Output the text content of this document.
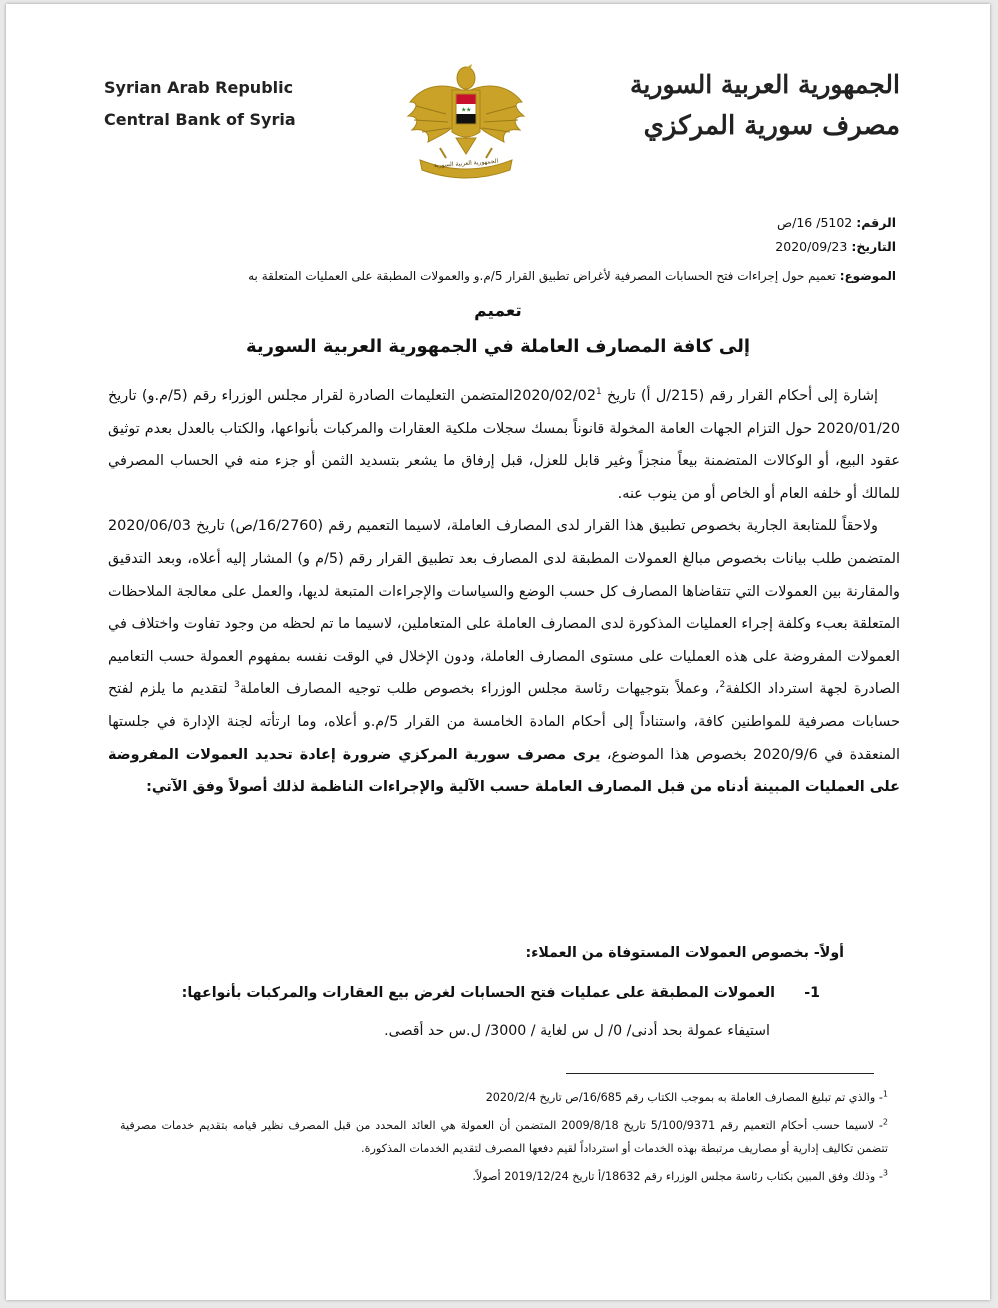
Syrian Arab Republic
Central Bank of Syria	★ ★
الجمهورية العربية السورية
الجمهورية العربية السورية
مصرف سورية المركزي
الرقم: 5102/ 16/ص
التاريخ: 2020/09/23
الموضوع: تعميم حول إجراءات فتح الحسابات المصرفية لأغراض تطبيق القرار 5/م.و والعمولات المطبقة على العمليات المتعلقة به
تعميم
إلى كافة المصارف العاملة في الجمهورية العربية السورية

إشارة إلى أحكام القرار رقم (215/ل أ) تاريخ $2020/02/02^1المتضمن$ التعليمات الصادرة لقرار مجلس الوزراء رقم (5/م.و) تاريخ 2020/01/20 حول التزام الجهات العامة المخولة قانوناً بمسك سجلات ملكية العقارات والمركبات بأنواعها، والكتاب بالعدل بعدم توثيق عقود البيع، أو الوكالات المتضمنة بيعاً منجزاً وغير قابل للعزل، قبل إرفاق ما يشعر بتسديد الثمن أو جزء منه في الحساب المصرفي للمالك أو خلفه العام أو الخاص أو من ينوب عنه.

ولاحقاً للمتابعة الجارية بخصوص تطبيق هذا القرار لدى المصارف العاملة، لاسيما التعميم رقم (16/2760/ص) تاريخ 2020/06/03 المتضمن طلب بيانات بخصوص مبالغ العمولات المطبقة لدى المصارف بعد تطبيق القرار رقم (5/م و) المشار إليه أعلاه، وبعد التدقيق والمقارنة بين العمولات التي تتقاضاها المصارف كل حسب الوضع والسياسات والإجراءات المتبعة لديها، والعمل على معالجة الملاحظات المتعلقة بعبء وكلفة إجراء العمليات المذكورة لدى المصارف العاملة على المتعاملين، لاسيما ما تم لحظه من وجود تفاوت واختلاف في العمولات المفروضة على هذه العمليات على مستوى المصارف العاملة، ودون الإخلال في الوقت نفسه بمفهوم العمولة حسب التعاميم الصادرة لجهة استرداد الكلفة$^2$، وعملاً بتوجيهات رئاسة مجلس الوزراء بخصوص طلب توجيه المصارف العاملة$^3$ لتقديم ما يلزم لفتح حسابات مصرفية للمواطنين كافة، واستناداً إلى أحكام المادة الخامسة من القرار 5/م.و أعلاه، وما ارتأته لجنة الإدارة في جلستها المنعقدة في 2020/9/6 بخصوص هذا الموضوع، يرى مصرف سورية المركزي ضرورة إعادة تحديد العمولات المفروضة على العمليات المبينة أدناه من قبل المصارف العاملة حسب الآلية والإجراءات الناظمة لذلك أصولاً وفق الآتي:

أولاً- بخصوص العمولات المستوفاة من العملاء:
1- العمولات المطبقة على عمليات فتح الحسابات لغرض بيع العقارات والمركبات بأنواعها:
استيفاء عمولة بحد أدنى/ 0/ ل س لغاية / 3000/ ل.س حد أقصى.
$^1$- والذي تم تبليغ المصارف العاملة به بموجب الكتاب رقم 16/685/ص تاريخ 2020/2/4
$^2$- لاسيما حسب أحكام التعميم رقم 5/100/9371 تاريخ 2009/8/18 المتضمن أن العمولة هي العائد المحدد من قبل المصرف نظير قيامه بتقديم خدمات مصرفية تتضمن تكاليف إدارية أو مصاريف مرتبطة بهذه الخدمات أو استرداداً لقيم دفعها المصرف لتقديم الخدمات المذكورة.
$^3$- وذلك وفق المبين بكتاب رئاسة مجلس الوزراء رقم 18632/أ تاريخ 2019/12/24 أصولاً.
